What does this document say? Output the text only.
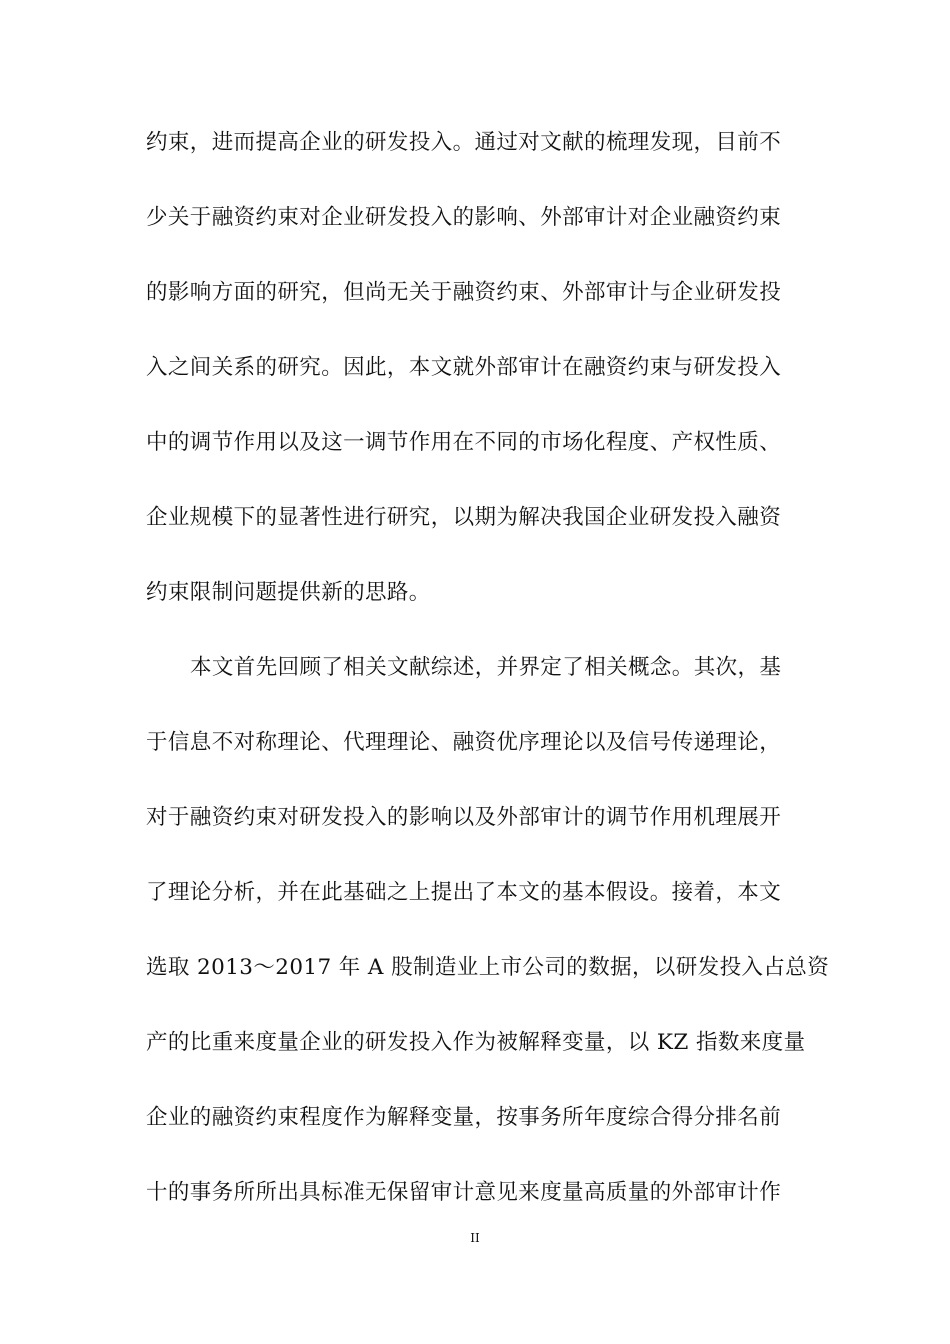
约束，进而提高企业的研发投入。通过对文献的梳理发现，目前不
少关于融资约束对企业研发投入的影响、外部审计对企业融资约束
的影响方面的研究，但尚无关于融资约束、外部审计与企业研发投
入之间关系的研究。因此，本文就外部审计在融资约束与研发投入
中的调节作用以及这一调节作用在不同的市场化程度、产权性质、
企业规模下的显著性进行研究，以期为解决我国企业研发投入融资
约束限制问题提供新的思路。
本文首先回顾了相关文献综述，并界定了相关概念。其次，基
于信息不对称理论、代理理论、融资优序理论以及信号传递理论，
对于融资约束对研发投入的影响以及外部审计的调节作用机理展开
了理论分析，并在此基础之上提出了本文的基本假设。接着，本文
选取 2013～2017 年 A 股制造业上市公司的数据，以研发投入占总资
产的比重来度量企业的研发投入作为被解释变量，以 KZ 指数来度量
企业的融资约束程度作为解释变量，按事务所年度综合得分排名前
十的事务所所出具标准无保留审计意见来度量高质量的外部审计作
II
